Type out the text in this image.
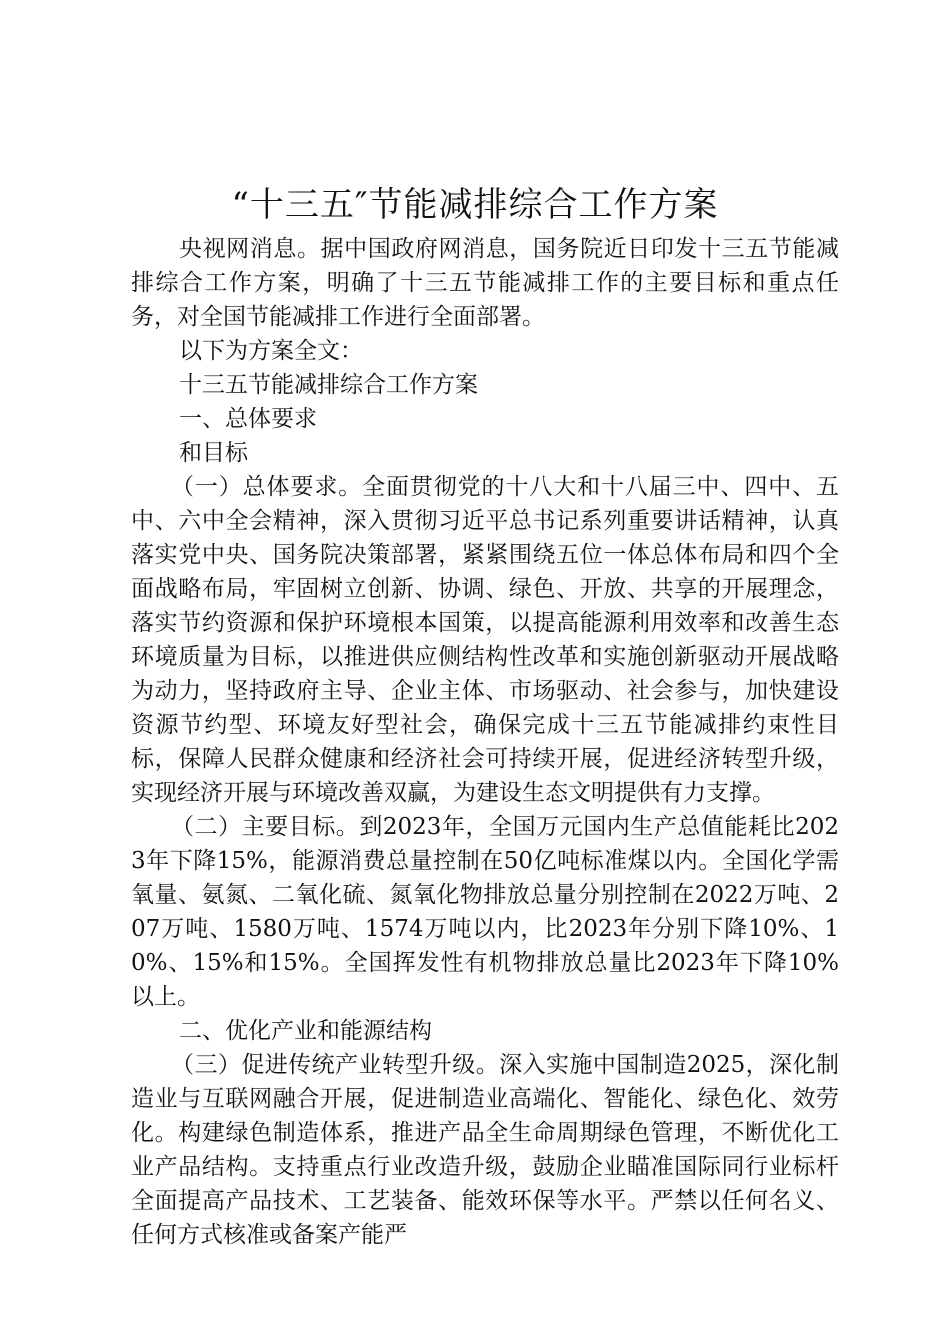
“十三五″节能减排综合工作方案

央视网消息。据中国政府网消息，国务院近日印发十三五节能减排综合工作方案，明确了十三五节能减排工作的主要目标和重点任务，对全国节能减排工作进行全面部署。

以下为方案全文：

十三五节能减排综合工作方案

一、总体要求

和目标

（一）总体要求。全面贯彻党的十八大和十八届三中、四中、五中、六中全会精神，深入贯彻习近平总书记系列重要讲话精神，认真落实党中央、国务院决策部署，紧紧围绕五位一体总体布局和四个全面战略布局，牢固树立创新、协调、绿色、开放、共享的开展理念，落实节约资源和保护环境根本国策，以提高能源利用效率和改善生态环境质量为目标，以推进供应侧结构性改革和实施创新驱动开展战略为动力，坚持政府主导、企业主体、市场驱动、社会参与，加快建设资源节约型、环境友好型社会，确保完成十三五节能减排约束性目标，保障人民群众健康和经济社会可持续开展，促进经济转型升级，实现经济开展与环境改善双赢，为建设生态文明提供有力支撑。

（二）主要目标。到2023年，全国万元国内生产总值能耗比2023年下降15%，能源消费总量控制在50亿吨标准煤以内。全国化学需氧量、氨氮、二氧化硫、氮氧化物排放总量分别控制在2022万吨、207万吨、1580万吨、1574万吨以内，比2023年分别下降10%、10%、15%和15%。全国挥发性有机物排放总量比2023年下降10%以上。

二、优化产业和能源结构

（三）促进传统产业转型升级。深入实施中国制造2025，深化制造业与互联网融合开展，促进制造业高端化、智能化、绿色化、效劳化。构建绿色制造体系，推进产品全生命周期绿色管理，不断优化工业产品结构。支持重点行业改造升级，鼓励企业瞄准国际同行业标杆全面提高产品技术、工艺装备、能效环保等水平。严禁以任何名义、任何方式核准或备案产能严
